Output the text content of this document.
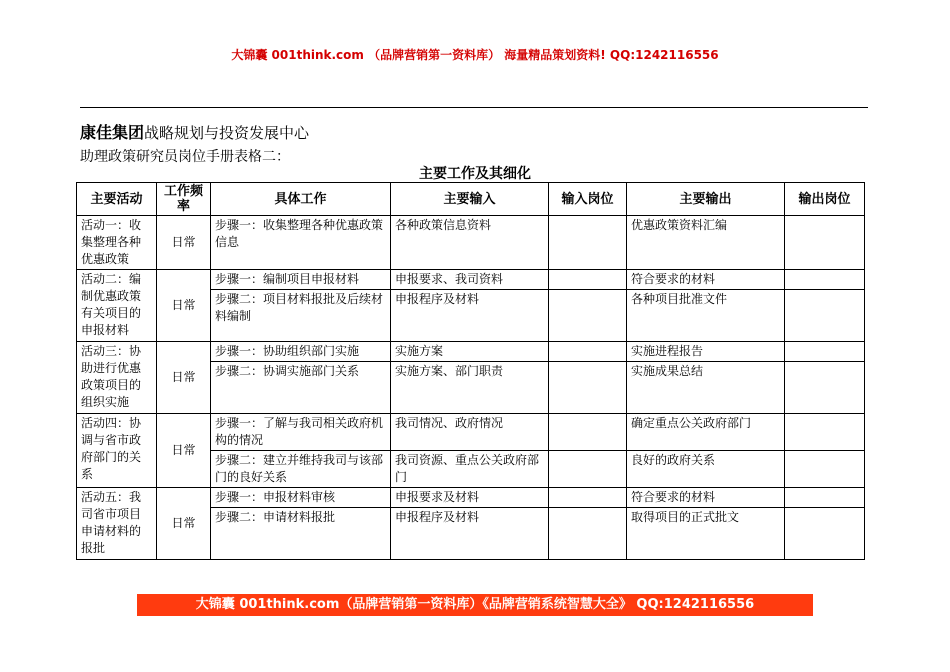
大锦囊 001think.com （品牌营销第一资料库） 海量精品策划资料! QQ:1242116556
康佳集团战略规划与投资发展中心
助理政策研究员岗位手册表格二：
主要工作及其细化
主要活动	工作频率	具体工作	主要输入	输入岗位	主要输出	输出岗位
活动一：收集整理各种优惠政策	日常	步骤一：收集整理各种优惠政策信息	各种政策信息资料		优惠政策资料汇编	
活动二：编制优惠政策有关项目的申报材料	日常	步骤一：编制项目申报材料	申报要求、我司资料		符合要求的材料	
		步骤二：项目材料报批及后续材料编制	申报程序及材料		各种项目批准文件	
活动三：协助进行优惠政策项目的组织实施	日常	步骤一：协助组织部门实施	实施方案		实施进程报告	
		步骤二：协调实施部门关系	实施方案、部门职责		实施成果总结	
活动四：协调与省市政府部门的关系	日常	步骤一：了解与我司相关政府机构的情况	我司情况、政府情况		确定重点公关政府部门	
		步骤二：建立并维持我司与该部门的良好关系	我司资源、重点公关政府部门		良好的政府关系	
活动五：我司省市项目申请材料的报批	日常	步骤一：申报材料审核	申报要求及材料		符合要求的材料	
		步骤二：申请材料报批	申报程序及材料		取得项目的正式批文	
大锦囊 001think.com（品牌营销第一资料库）《品牌营销系统智慧大全》 QQ:1242116556
